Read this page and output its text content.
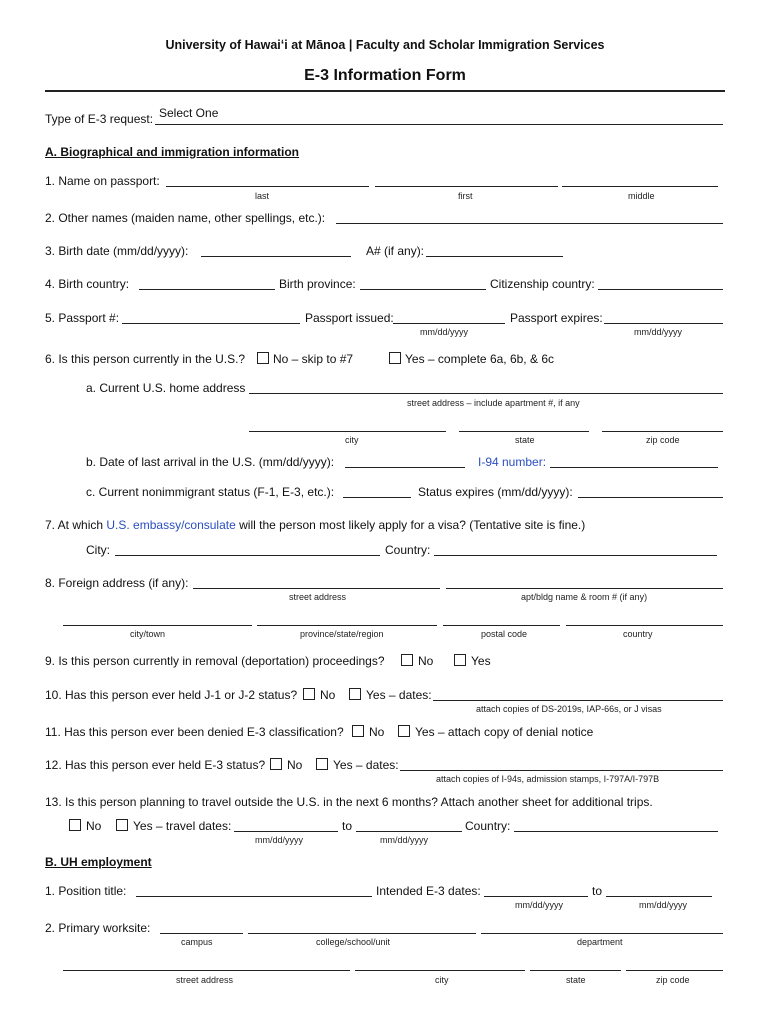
University of Hawaiʻi at Mānoa | Faculty and Scholar Immigration Services
E-3 Information Form
Type of E-3 request: Select One
A. Biographical and immigration information
1. Name on passport:
last	first	middle
2. Other names (maiden name, other spellings, etc.):
3. Birth date (mm/dd/yyyy):	A# (if any):
4. Birth country:	Birth province:	Citizenship country:
5. Passport #:	Passport issued:	Passport expires:
mm/dd/yyyy	mm/dd/yyyy
6. Is this person currently in the U.S.? No – skip to #7	Yes – complete 6a, 6b, & 6c
a. Current U.S. home address
street address – include apartment #, if any
city	state	zip code
b. Date of last arrival in the U.S. (mm/dd/yyyy):	I-94 number:
c. Current nonimmigrant status (F-1, E-3, etc.):	Status expires (mm/dd/yyyy):
7. At which U.S. embassy/consulate will the person most likely apply for a visa? (Tentative site is fine.)
City:	Country:
8. Foreign address (if any):
street address	apt/bldg name & room # (if any)
city/town	province/state/region	postal code	country
9. Is this person currently in removal (deportation) proceedings?	No	Yes
10. Has this person ever held J-1 or J-2 status? No	Yes – dates:
attach copies of DS-2019s, IAP-66s, or J visas
11. Has this person ever been denied E-3 classification? No	Yes – attach copy of denial notice
12. Has this person ever held E-3 status? No	Yes – dates:
attach copies of I-94s, admission stamps, I-797A/I-797B
13. Is this person planning to travel outside the U.S. in the next 6 months? Attach another sheet for additional trips.
No	Yes – travel dates:	to	Country:
mm/dd/yyyy	mm/dd/yyyy
B. UH employment
1. Position title:	Intended E-3 dates:	to
mm/dd/yyyy	mm/dd/yyyy
2. Primary worksite:
campus	college/school/unit	department
street address	city	state	zip code
